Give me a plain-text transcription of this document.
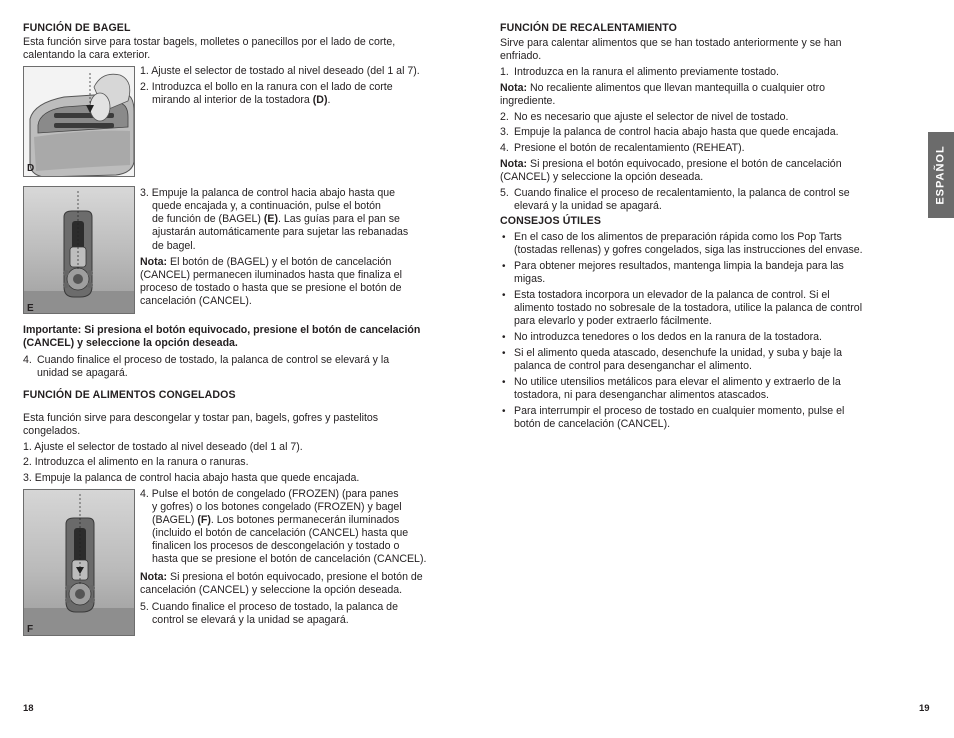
FUNCIÓN DE BAGEL
Esta función sirve para tostar bagels, molletes o panecillos por el lado de corte,
calentando la cara exterior.
D
1. Ajuste el selector de tostado al nivel deseado (del 1 al 7).
2. Introduzca el bollo en la ranura con el lado de corte
mirando al interior de la tostadora (D).
E
3. Empuje la palanca de control hacia abajo hasta que
quede encajada y, a continuación, pulse el botón
de función de (BAGEL) (E). Las guías para el pan se
ajustarán automáticamente para sujetar las rebanadas
de bagel.
Nota: El botón de (BAGEL) y el botón de cancelación
(CANCEL) permanecen iluminados hasta que finaliza el
proceso de tostado o hasta que se presione el botón de
cancelación (CANCEL).
Importante: Si presiona el botón equivocado, presione el botón de cancelación
(CANCEL) y seleccione la opción deseada.
4. Cuando finalice el proceso de tostado, la palanca de control se elevará y la
unidad se apagará.
FUNCIÓN DE ALIMENTOS CONGELADOS
Esta función sirve para descongelar y tostar pan, bagels, gofres y pastelitos
congelados.
1. Ajuste el selector de tostado al nivel deseado (del 1 al 7).
2. Introduzca el alimento en la ranura o ranuras.
3. Empuje la palanca de control hacia abajo hasta que quede encajada.
F
4. Pulse el botón de congelado (FROZEN) (para panes
y gofres) o los botones congelado (FROZEN) y bagel
(BAGEL) (F). Los botones permanecerán iluminados
(incluido el botón de cancelación (CANCEL) hasta que
finalicen los procesos de descongelación y tostado o
hasta que se presione el botón de cancelación (CANCEL).
Nota: Si presiona el botón equivocado, presione el botón de
cancelación (CANCEL) y seleccione la opción deseada.
5. Cuando finalice el proceso de tostado, la palanca de
control se elevará y la unidad se apagará.
18
FUNCIÓN DE RECALENTAMIENTO
Sirve para calentar alimentos que se han tostado anteriormente y se han
enfriado.
1. Introduzca en la ranura el alimento previamente tostado.
Nota: No recaliente alimentos que llevan mantequilla o cualquier otro
ingrediente.
2. No es necesario que ajuste el selector de nivel de tostado.
3. Empuje la palanca de control hacia abajo hasta que quede encajada.
4. Presione el botón de recalentamiento (REHEAT).
Nota: Si presiona el botón equivocado, presione el botón de cancelación
(CANCEL) y seleccione la opción deseada.
5. Cuando finalice el proceso de recalentamiento, la palanca de control se
elevará y la unidad se apagará.
CONSEJOS ÚTILES
• En el caso de los alimentos de preparación rápida como los Pop Tarts
(tostadas rellenas) y gofres congelados, siga las instrucciones del envase.
• Para obtener mejores resultados, mantenga limpia la bandeja para las
migas.
• Esta tostadora incorpora un elevador de la palanca de control. Si el
alimento tostado no sobresale de la tostadora, utilice la palanca de control
para elevarlo y poder extraerlo fácilmente.
• No introduzca tenedores o los dedos en la ranura de la tostadora.
• Si el alimento queda atascado, desenchufe la unidad, y suba y baje la
palanca de control para desenganchar el alimento.
• No utilice utensilios metálicos para elevar el alimento y extraerlo de la
tostadora, ni para desenganchar alimentos atascados.
• Para interrumpir el proceso de tostado en cualquier momento, pulse el
botón de cancelación (CANCEL).
ESPAÑOL
19
